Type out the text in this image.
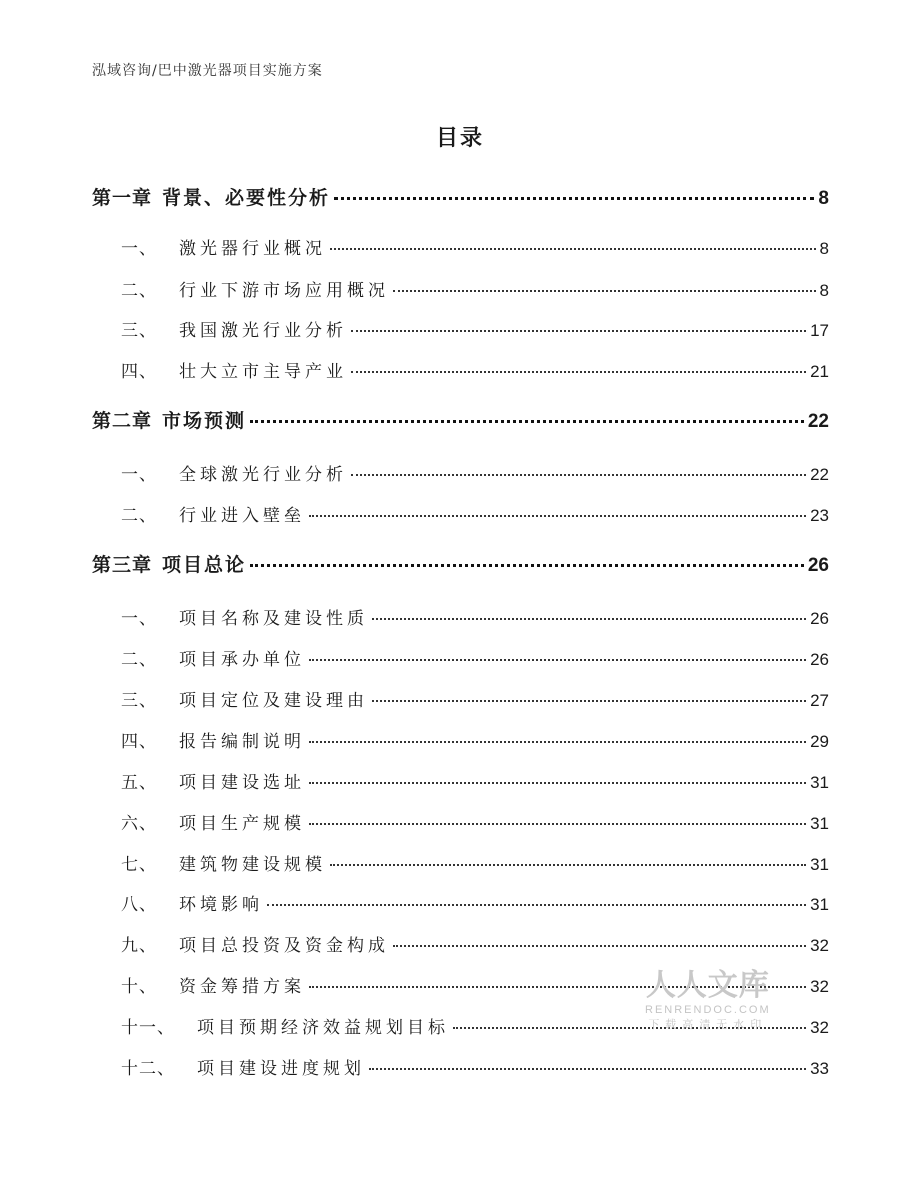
泓域咨询/巴中激光器项目实施方案
目录
第一章 背景、必要性分析	8
一、 激光器行业概况	8
二、 行业下游市场应用概况	8
三、 我国激光行业分析	17
四、 壮大立市主导产业	21
第二章 市场预测	22
一、 全球激光行业分析	22
二、 行业进入壁垒	23
第三章 项目总论	26
一、 项目名称及建设性质	26
二、 项目承办单位	26
三、 项目定位及建设理由	27
四、 报告编制说明	29
五、 项目建设选址	31
六、 项目生产规模	31
七、 建筑物建设规模	31
八、 环境影响	31
九、 项目总投资及资金构成	32
十、 资金筹措方案	32
十一、 项目预期经济效益规划目标	32
十二、 项目建设进度规划	33
人人文库
RENRENDOC.COM
下载高清无水印
